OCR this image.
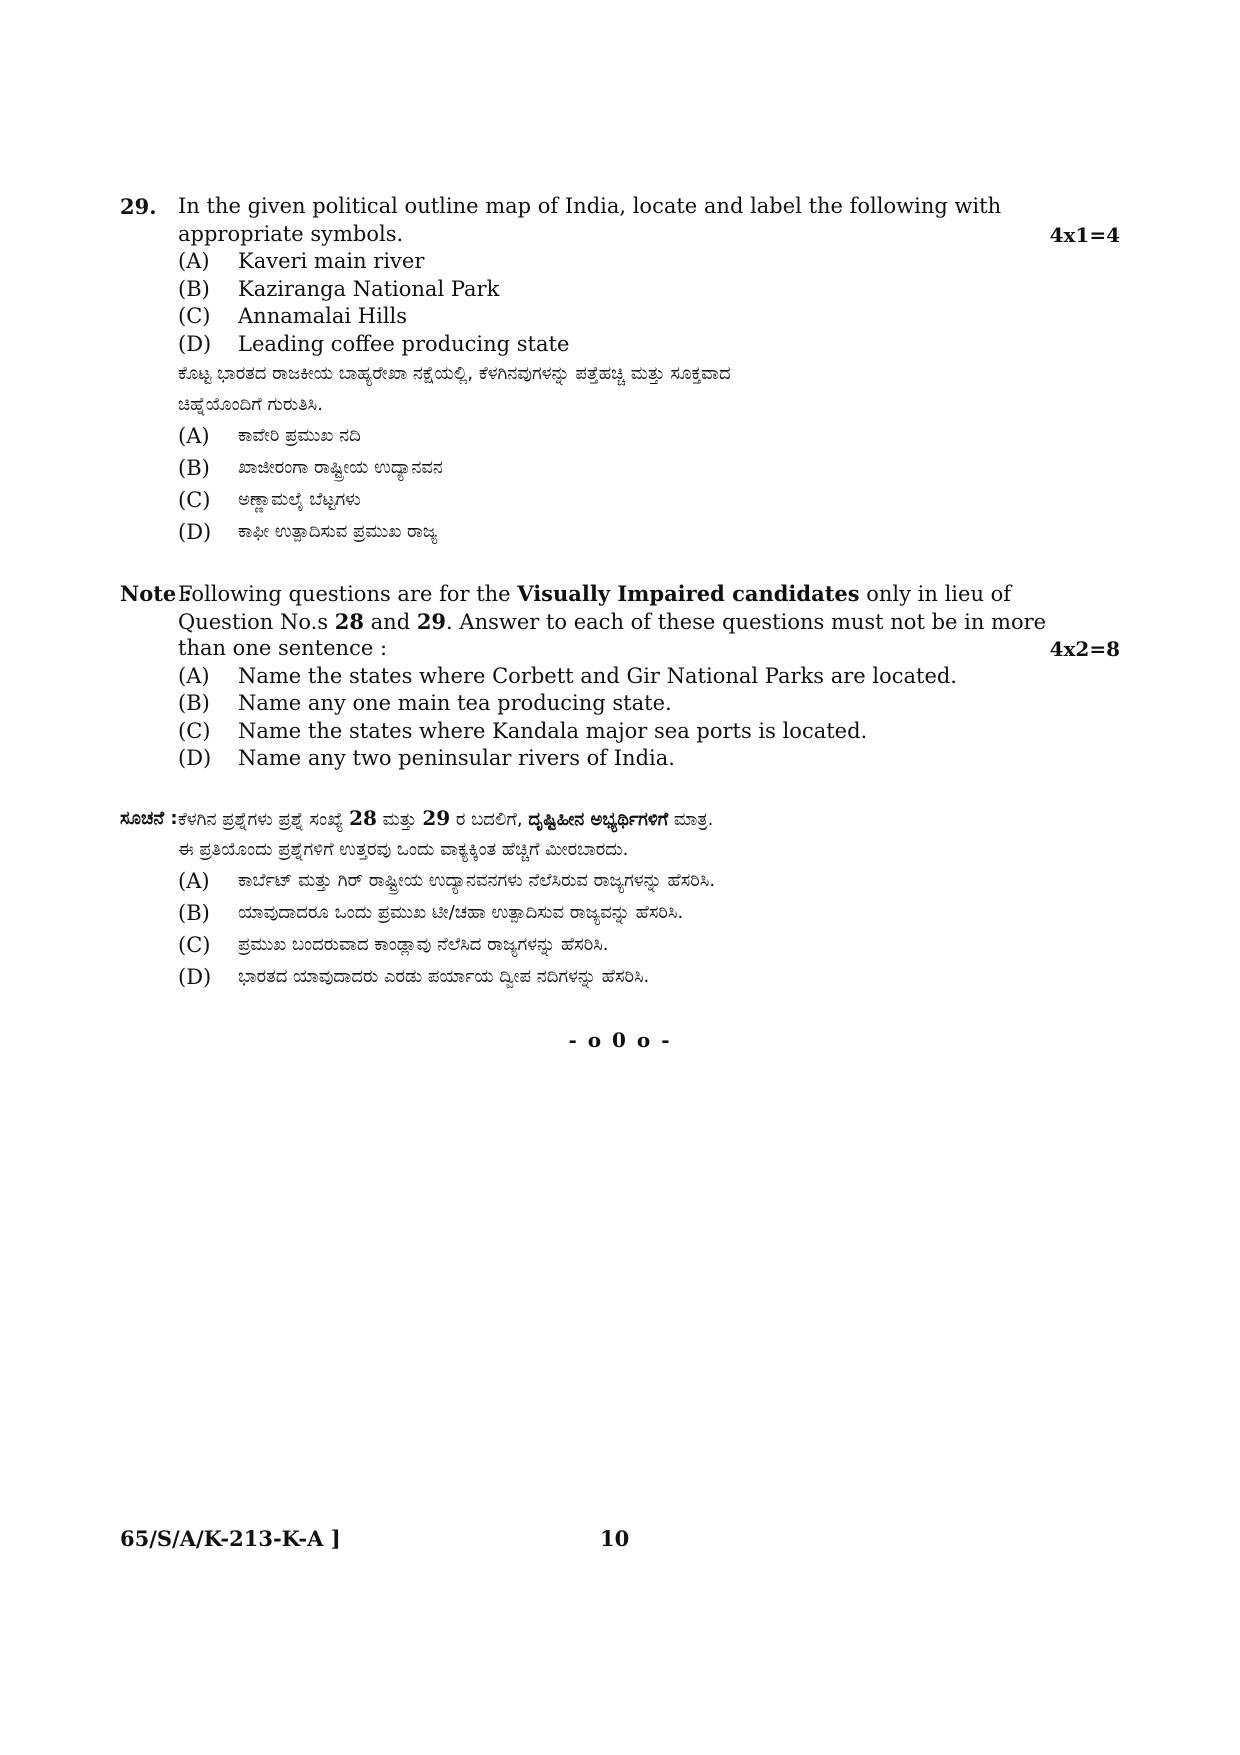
29. In the given political outline map of India, locate and label the following with
appropriate symbols.	4x1=4
(A) Kaveri main river
(B) Kaziranga National Park
(C) Annamalai Hills
(D) Leading coffee producing state
ಕೊಟ್ಟ ಭಾರತದ ರಾಜಕೀಯ ಬಾಹ್ಯರೇಖಾ ನಕ್ಷೆಯಲ್ಲಿ, ಕೆಳಗಿನವುಗಳನ್ನು ಪತ್ತೆಹಚ್ಚಿ ಮತ್ತು ಸೂಕ್ತವಾದ
ಚಿಹ್ನೆಯೊಂದಿಗೆ ಗುರುತಿಸಿ.
(A) ಕಾವೇರಿ ಪ್ರಮುಖ ನದಿ
(B) ಖಾಜೀರಂಗಾ ರಾಷ್ಟ್ರೀಯ ಉದ್ಯಾನವನ
(C) ಅಣ್ಣಾಮಲೈ ಬೆಟ್ಟಗಳು
(D) ಕಾಫೀ ಉತ್ಪಾದಿಸುವ ಪ್ರಮುಖ ರಾಜ್ಯ
Note :
Following questions are for the Visually Impaired candidates only in lieu of
Question No.s 28 and 29. Answer to each of these questions must not be in more
than one sentence :	4x2=8
(A) Name the states where Corbett and Gir National Parks are located.
(B) Name any one main tea producing state.
(C) Name the states where Kandala major sea ports is located.
(D) Name any two peninsular rivers of India.
ಸೂಚನೆ : ಕೆಳಗಿನ ಪ್ರಶ್ನೆಗಳು ಪ್ರಶ್ನೆ ಸಂಖ್ಯೆ 28 ಮತ್ತು 29 ರ ಬದಲಿಗೆ, ದೃಷ್ಟಿಹೀನ ಅಭ್ಯರ್ಥಿಗಳಿಗೆ ಮಾತ್ರ.
ಈ ಪ್ರತಿಯೊಂದು ಪ್ರಶ್ನೆಗಳಿಗೆ ಉತ್ತರವು ಒಂದು ವಾಕ್ಯಕ್ಕಿಂತ ಹೆಚ್ಚಿಗೆ ಮೀರಬಾರದು.
(A) ಕಾರ್ಬೆಟ್ ಮತ್ತು ಗಿರ್ ರಾಷ್ಟ್ರೀಯ ಉದ್ಯಾನವನಗಳು ನೆಲೆಸಿರುವ ರಾಜ್ಯಗಳನ್ನು ಹೆಸರಿಸಿ.
(B) ಯಾವುದಾದರೂ ಒಂದು ಪ್ರಮುಖ ಟೀ/ಚಹಾ ಉತ್ಪಾದಿಸುವ ರಾಜ್ಯವನ್ನು ಹೆಸರಿಸಿ.
(C) ಪ್ರಮುಖ ಬಂದರುವಾದ ಕಾಂಡ್ಲಾವು ನೆಲೆಸಿದ ರಾಜ್ಯಗಳನ್ನು ಹೆಸರಿಸಿ.
(D) ಭಾರತದ ಯಾವುದಾದರು ಎರಡು ಪರ್ಯಾಯ ದ್ವೀಪ ನದಿಗಳನ್ನು ಹೆಸರಿಸಿ.
- o 0 o -
65/S/A/K-213-K-A ]	10
